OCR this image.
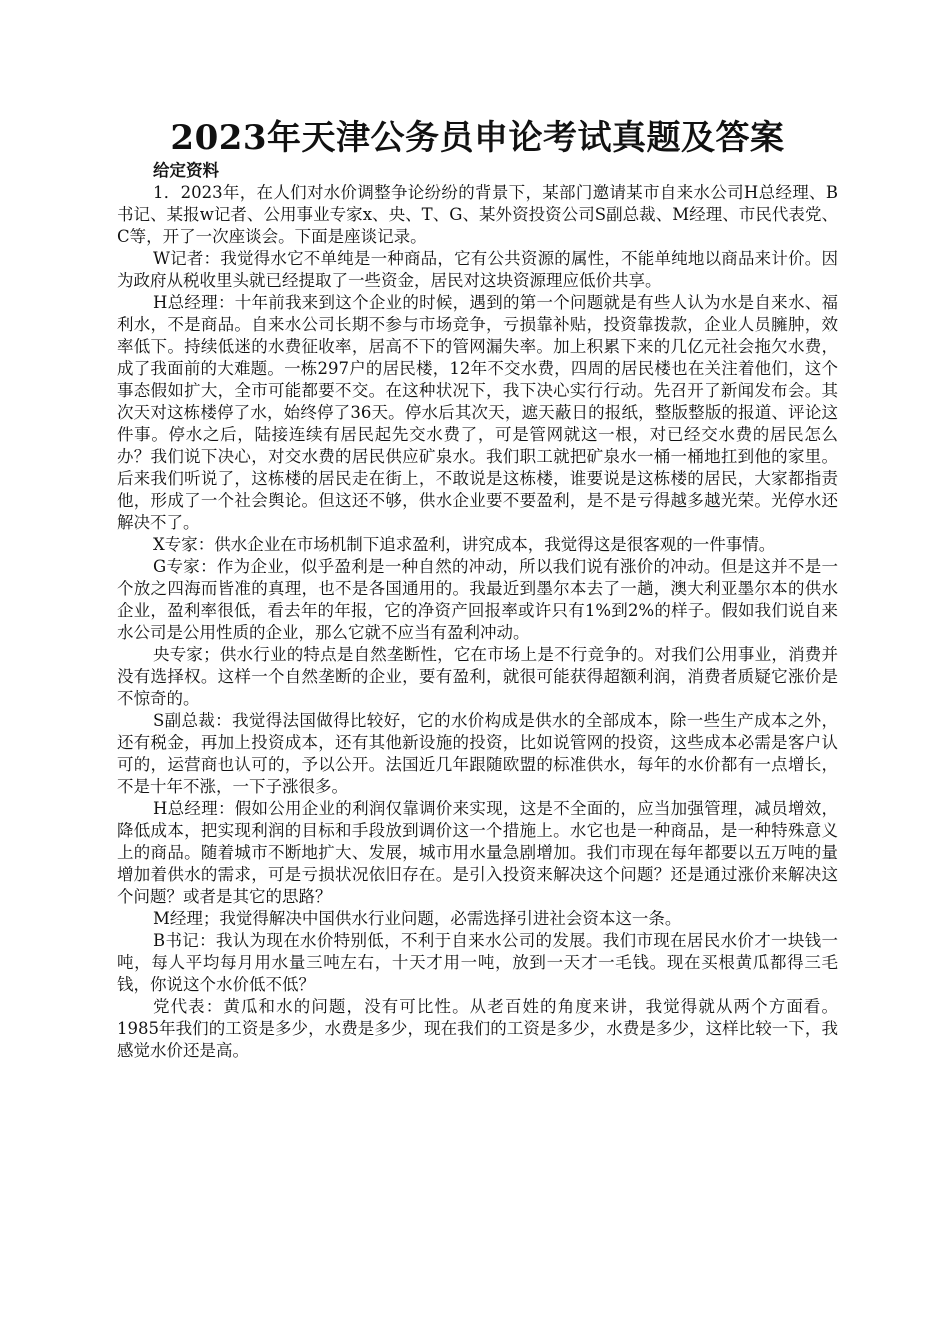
2023年天津公务员申论考试真题及答案
给定资料

1．2023年，在人们对水价调整争论纷纷的背景下，某部门邀请某市自来水公司H总经理、B书记、某报w记者、公用事业专家x、央、T、G、某外资投资公司S副总裁、M经理、市民代表党、C等，开了一次座谈会。下面是座谈记录。

W记者：我觉得水它不单纯是一种商品，它有公共资源的属性，不能单纯地以商品来计价。因为政府从税收里头就已经提取了一些资金，居民对这块资源理应低价共享。

H总经理：十年前我来到这个企业的时候，遇到的第一个问题就是有些人认为水是自来水、福利水，不是商品。自来水公司长期不参与市场竞争，亏损靠补贴，投资靠拨款，企业人员臃肿，效率低下。持续低迷的水费征收率，居高不下的管网漏失率。加上积累下来的几亿元社会拖欠水费，成了我面前的大难题。一栋297户的居民楼，12年不交水费，四周的居民楼也在关注着他们，这个事态假如扩大，全市可能都要不交。在这种状况下，我下决心实行行动。先召开了新闻发布会。其次天对这栋楼停了水，始终停了36天。停水后其次天，遮天蔽日的报纸，整版整版的报道、评论这件事。停水之后，陆接连续有居民起先交水费了，可是管网就这一根，对已经交水费的居民怎么办？我们说下决心，对交水费的居民供应矿泉水。我们职工就把矿泉水一桶一桶地扛到他的家里。后来我们听说了，这栋楼的居民走在街上，不敢说是这栋楼，谁要说是这栋楼的居民，大家都指责他，形成了一个社会舆论。但这还不够，供水企业要不要盈利，是不是亏得越多越光荣。光停水还解决不了。

X专家：供水企业在市场机制下追求盈利，讲究成本，我觉得这是很客观的一件事情。

G专家：作为企业，似乎盈利是一种自然的冲动，所以我们说有涨价的冲动。但是这并不是一个放之四海而皆准的真理，也不是各国通用的。我最近到墨尔本去了一趟，澳大利亚墨尔本的供水企业，盈利率很低，看去年的年报，它的净资产回报率或许只有1%到2%的样子。假如我们说自来水公司是公用性质的企业，那么它就不应当有盈利冲动。

央专家；供水行业的特点是自然垄断性，它在市场上是不行竞争的。对我们公用事业，消费并没有选择权。这样一个自然垄断的企业，要有盈利，就很可能获得超额利润，消费者质疑它涨价是不惊奇的。

S副总裁：我觉得法国做得比较好，它的水价构成是供水的全部成本，除一些生产成本之外，还有税金，再加上投资成本，还有其他新设施的投资，比如说管网的投资，这些成本必需是客户认可的，运营商也认可的，予以公开。法国近几年跟随欧盟的标准供水，每年的水价都有一点增长，不是十年不涨，一下子涨很多。

H总经理：假如公用企业的利润仅靠调价来实现，这是不全面的，应当加强管理，减员增效，降低成本，把实现利润的目标和手段放到调价这一个措施上。水它也是一种商品，是一种特殊意义上的商品。随着城市不断地扩大、发展，城市用水量急剧增加。我们市现在每年都要以五万吨的量增加着供水的需求，可是亏损状况依旧存在。是引入投资来解决这个问题？还是通过涨价来解决这个问题？或者是其它的思路？

M经理；我觉得解决中国供水行业问题，必需选择引进社会资本这一条。

B书记：我认为现在水价特别低，不利于自来水公司的发展。我们市现在居民水价才一块钱一吨，每人平均每月用水量三吨左右，十天才用一吨，放到一天才一毛钱。现在买根黄瓜都得三毛钱，你说这个水价低不低？

党代表：黄瓜和水的问题，没有可比性。从老百姓的角度来讲，我觉得就从两个方面看。1985年我们的工资是多少，水费是多少，现在我们的工资是多少，水费是多少，这样比较一下，我感觉水价还是高。
